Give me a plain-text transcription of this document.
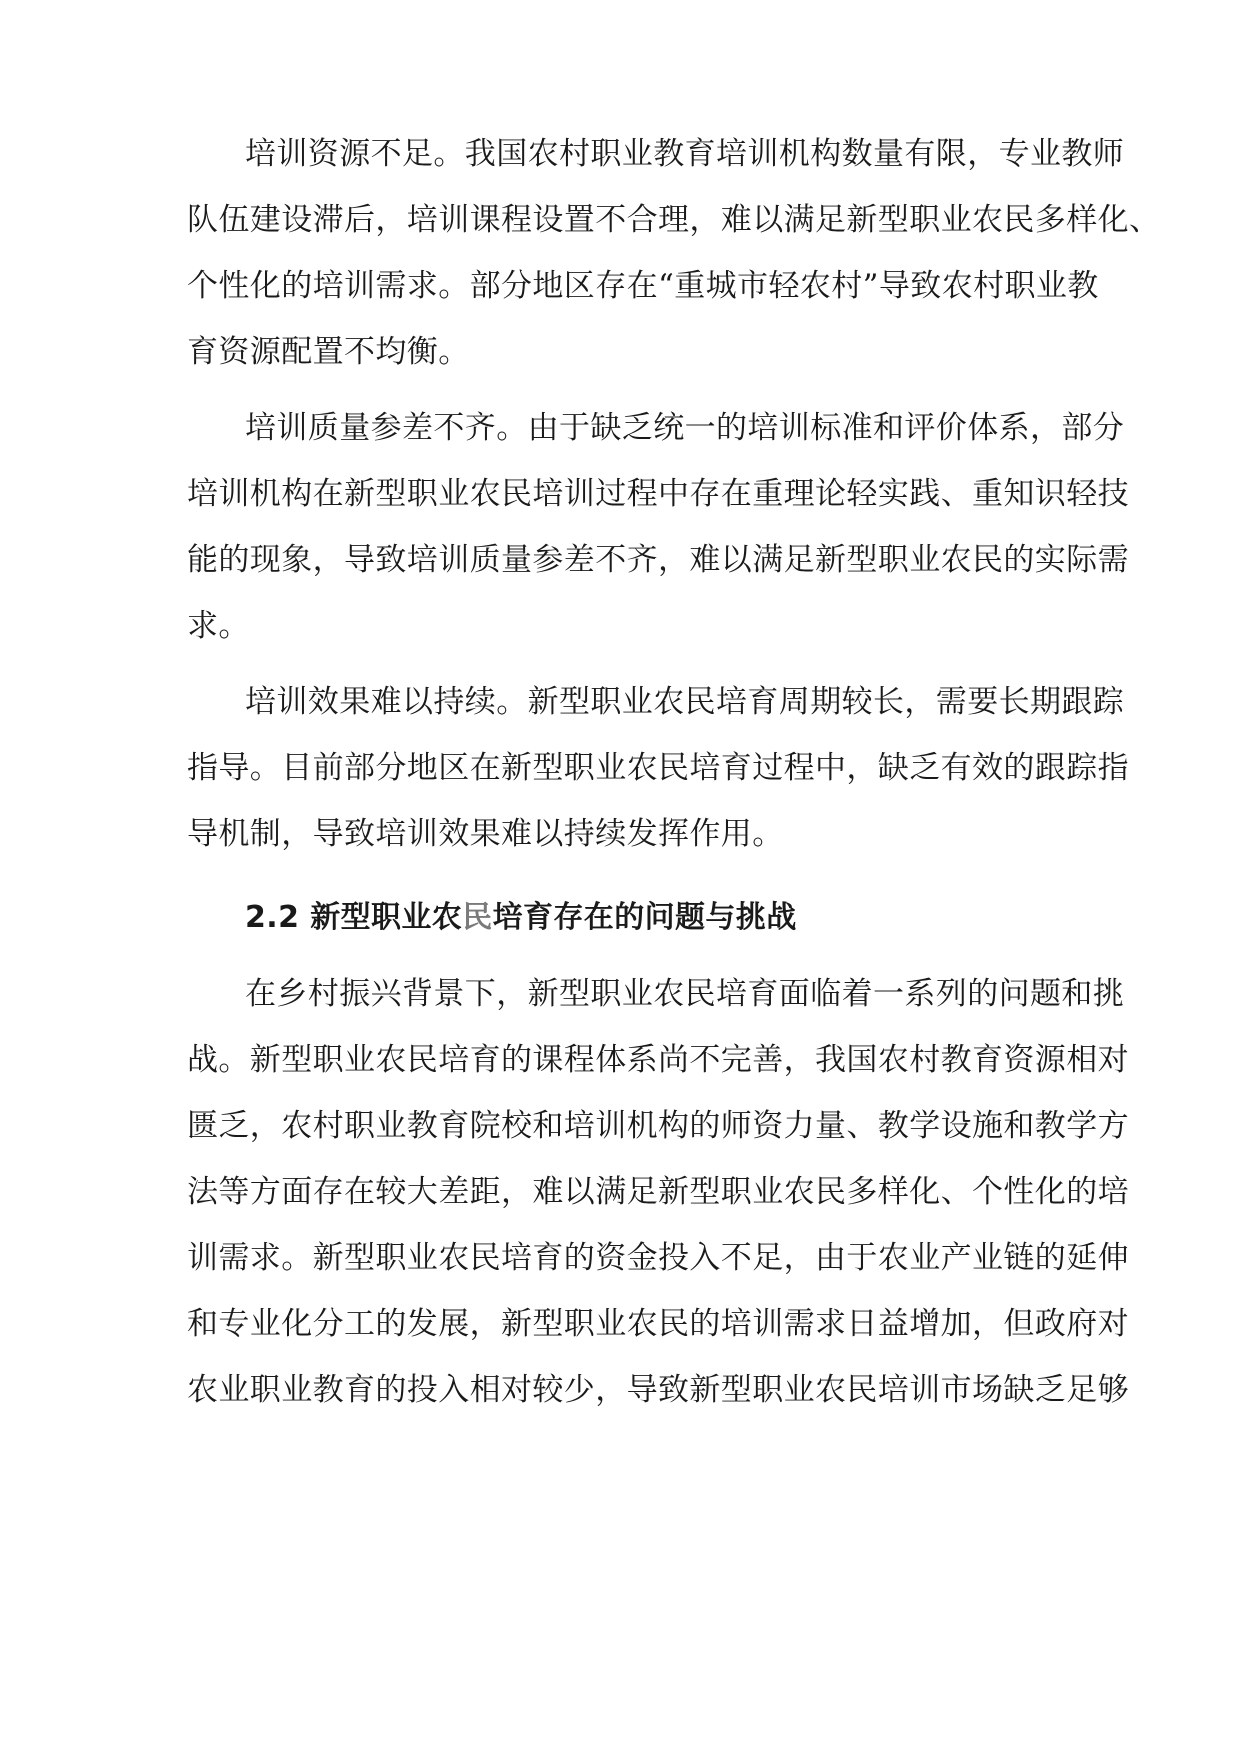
培训资源不足。我国农村职业教育培训机构数量有限，专业教师
队伍建设滞后，培训课程设置不合理，难以满足新型职业农民多样化、
个性化的培训需求。部分地区存在“重城市轻农村”导致农村职业教
育资源配置不均衡。
培训质量参差不齐。由于缺乏统一的培训标准和评价体系，部分
培训机构在新型职业农民培训过程中存在重理论轻实践、重知识轻技
能的现象，导致培训质量参差不齐，难以满足新型职业农民的实际需
求。
培训效果难以持续。新型职业农民培育周期较长，需要长期跟踪
指导。目前部分地区在新型职业农民培育过程中，缺乏有效的跟踪指
导机制，导致培训效果难以持续发挥作用。
2.2 新型职业农民培育存在的问题与挑战
在乡村振兴背景下，新型职业农民培育面临着一系列的问题和挑
战。新型职业农民培育的课程体系尚不完善，我国农村教育资源相对
匮乏，农村职业教育院校和培训机构的师资力量、教学设施和教学方
法等方面存在较大差距，难以满足新型职业农民多样化、个性化的培
训需求。新型职业农民培育的资金投入不足，由于农业产业链的延伸
和专业化分工的发展，新型职业农民的培训需求日益增加，但政府对
农业职业教育的投入相对较少，导致新型职业农民培训市场缺乏足够
